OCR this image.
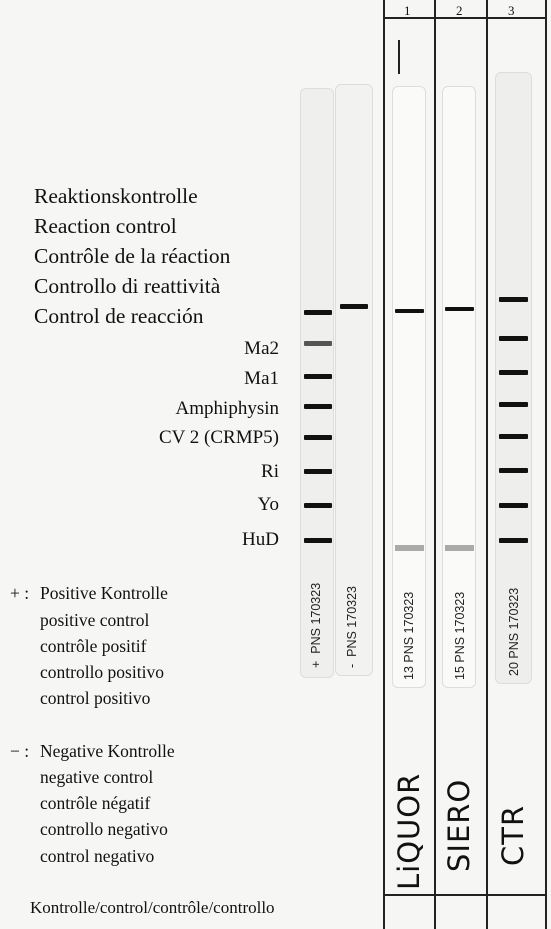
Reaktionskontrolle
Reaction control
Contrôle de la réaction
Controllo di reattività
Control de reacción
Ma2
Ma1
Amphiphysin
CV 2 (CRMP5)
Ri
Yo
HuD
+ : Positive Kontrolle
positive control
contrôle positif
controllo positivo
control positivo
− : Negative Kontrolle
negative control
contrôle négatif
controllo negativo
control negativo
Kontrolle/control/contrôle/controllo
+  PNS 170323
-  PNS 170323
1	2	3
13 PNS 170323
LiQUOR
15 PNS 170323
SIERO
20 PNS 170323
CTR
